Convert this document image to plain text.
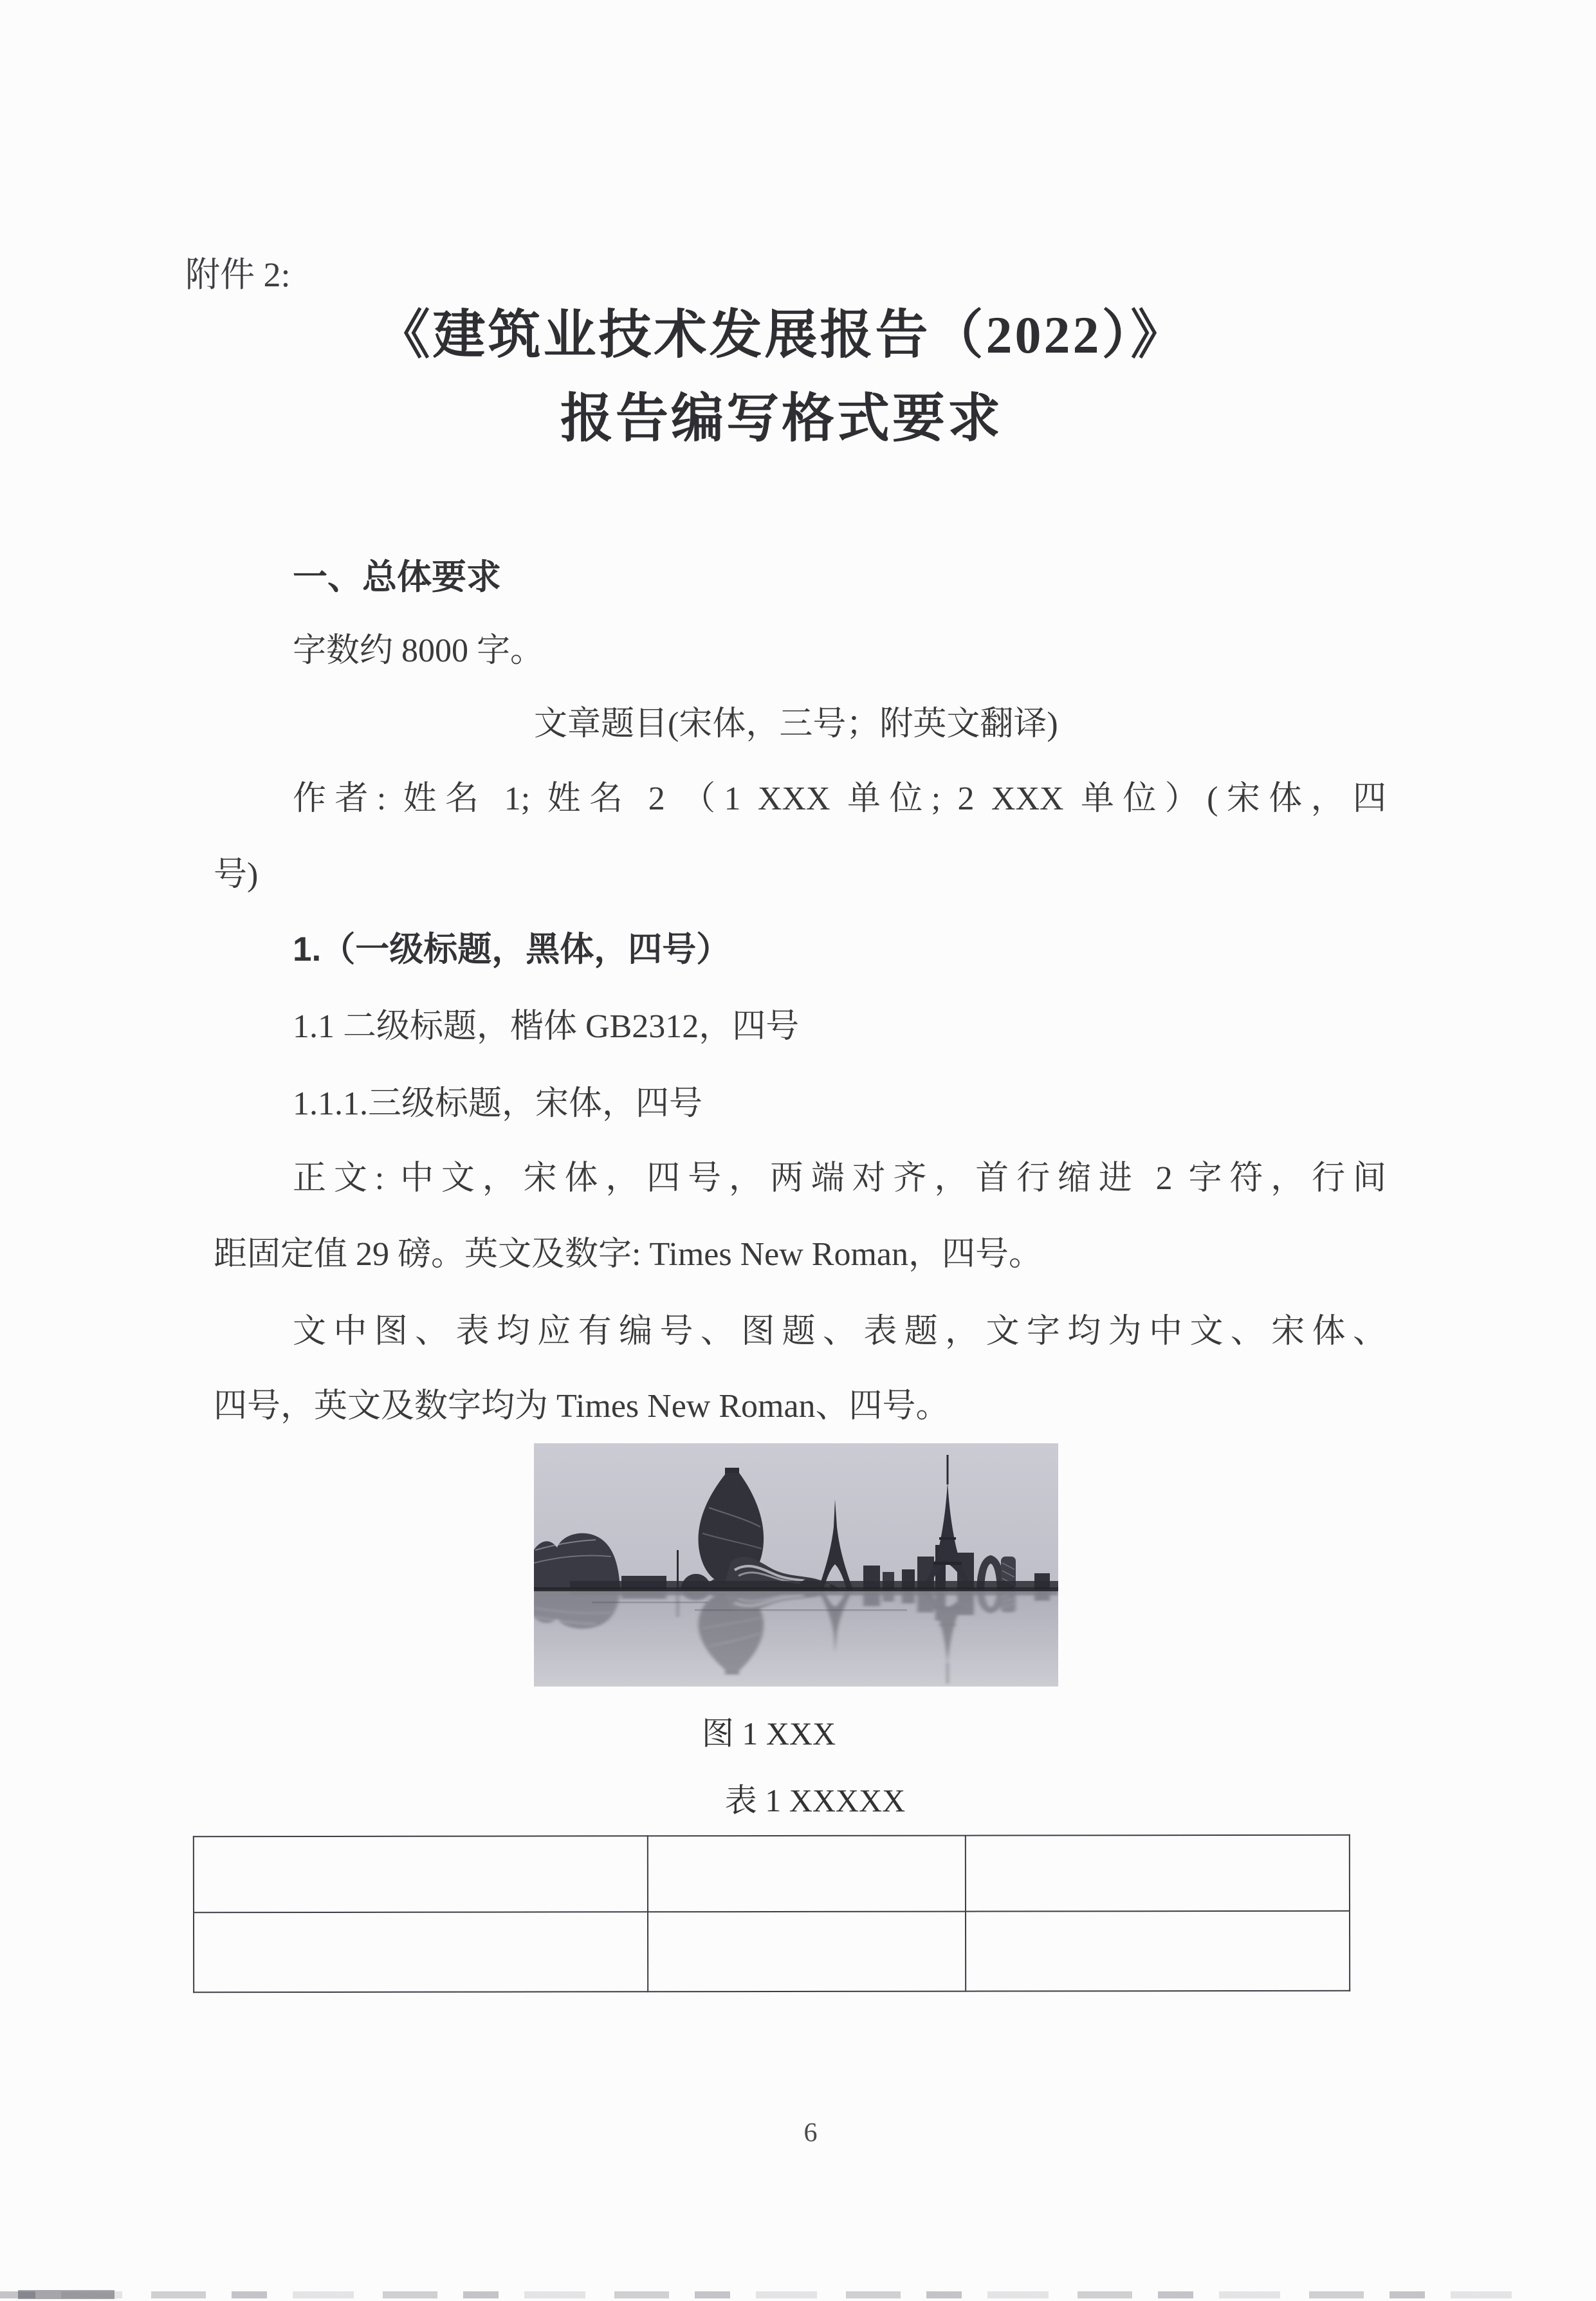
附件 2:
《建筑业技术发展报告（2022）》
报告编写格式要求
一、总体要求
字数约 8000 字。
文章题目(宋体，三号；附英文翻译)
作者: 姓名 1; 姓名 2 （1 XXX 单位; 2 XXX 单位）(宋体，四
号)
1.（一级标题，黑体，四号）
1.1 二级标题，楷体 GB2312，四号
1.1.1.三级标题，宋体，四号
正文: 中文，宋体，四号，两端对齐，首行缩进 2 字符，行间
距固定值 29 磅。英文及数字: Times New Roman，四号。
文中图、表均应有编号、图题、表题，文字均为中文、宋体、
四号，英文及数字均为 Times New Roman、四号。
图 1 XXX
表 1 XXXXX

6
